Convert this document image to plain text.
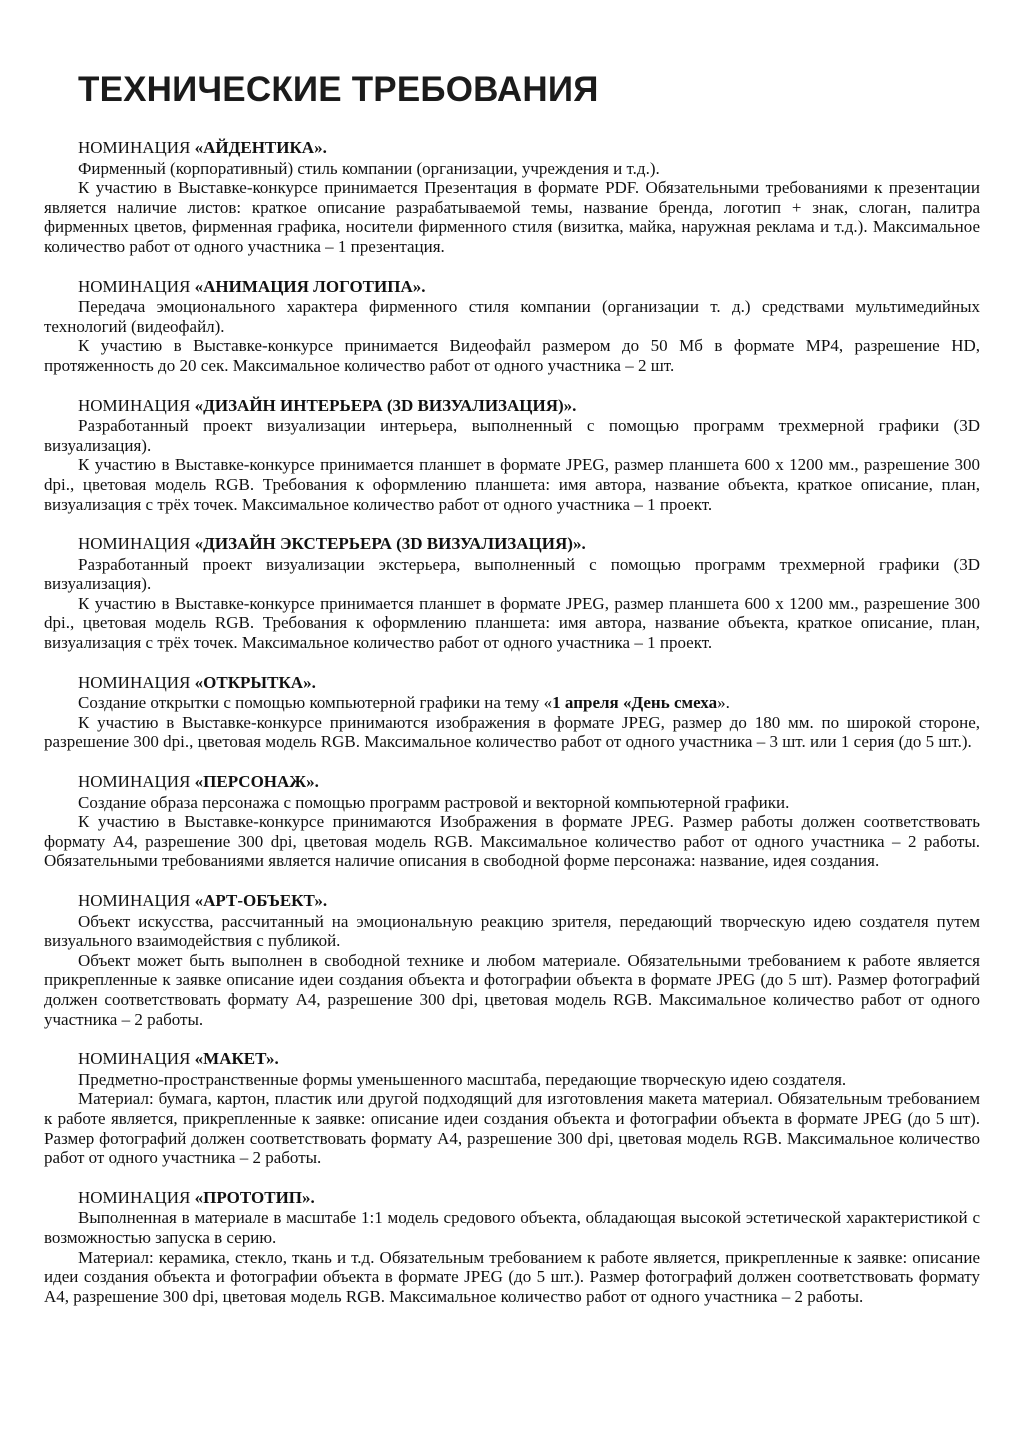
ТЕХНИЧЕСКИЕ ТРЕБОВАНИЯ

НОМИНАЦИЯ «АЙДЕНТИКА».

Фирменный (корпоративный) стиль компании (организации, учреждения и т.д.).

К участию в Выставке-конкурсе принимается Презентация в формате PDF. Обязательными требованиями к презентации является наличие листов: краткое описание разрабатываемой темы, название бренда, логотип + знак, слоган, палитра фирменных цветов, фирменная графика, носители фирменного стиля (визитка, майка, наружная реклама и т.д.). Максимальное количество работ от одного участника – 1 презентация.

НОМИНАЦИЯ «АНИМАЦИЯ ЛОГОТИПА».

Передача эмоционального характера фирменного стиля компании (организации т. д.) средствами мультимедийных технологий (видеофайл).

К участию в Выставке-конкурсе принимается Видеофайл размером до 50 Мб в формате MP4, разрешение HD, протяженность до 20 сек. Максимальное количество работ от одного участника – 2 шт.

НОМИНАЦИЯ «ДИЗАЙН ИНТЕРЬЕРА (3D ВИЗУАЛИЗАЦИЯ)».

Разработанный проект визуализации интерьера, выполненный с помощью программ трехмерной графики (3D визуализация).

К участию в Выставке-конкурсе принимается планшет в формате JPEG, размер планшета 600 х 1200 мм., разрешение 300 dpi., цветовая модель RGB. Требования к оформлению планшета: имя автора, название объекта, краткое описание, план, визуализация с трёх точек. Максимальное количество работ от одного участника – 1 проект.

НОМИНАЦИЯ «ДИЗАЙН ЭКСТЕРЬЕРА (3D ВИЗУАЛИЗАЦИЯ)».

Разработанный проект визуализации экстерьера, выполненный с помощью программ трехмерной графики (3D визуализация).

К участию в Выставке-конкурсе принимается планшет в формате JPEG, размер планшета 600 х 1200 мм., разрешение 300 dpi., цветовая модель RGB. Требования к оформлению планшета: имя автора, название объекта, краткое описание, план, визуализация с трёх точек. Максимальное количество работ от одного участника – 1 проект.

НОМИНАЦИЯ «ОТКРЫТКА».

Создание открытки с помощью компьютерной графики на тему «1 апреля «День смеха».

К участию в Выставке-конкурсе принимаются изображения в формате JPEG, размер до 180 мм. по широкой стороне, разрешение 300 dpi., цветовая модель RGB. Максимальное количество работ от одного участника – 3 шт. или 1 серия (до 5 шт.).

НОМИНАЦИЯ «ПЕРСОНАЖ».

Создание образа персонажа с помощью программ растровой и векторной компьютерной графики.

К участию в Выставке-конкурсе принимаются Изображения в формате JPEG. Размер работы должен соответствовать формату А4, разрешение 300 dpi, цветовая модель RGB. Максимальное количество работ от одного участника – 2 работы. Обязательными требованиями является наличие описания в свободной форме персонажа: название, идея создания.

НОМИНАЦИЯ «АРТ-ОБЪЕКТ».

Объект искусства, рассчитанный на эмоциональную реакцию зрителя, передающий творческую идею создателя путем визуального взаимодействия с публикой.

Объект может быть выполнен в свободной технике и любом материале. Обязательными требованием к работе является прикрепленные к заявке описание идеи создания объекта и фотографии объекта в формате JPEG (до 5 шт). Размер фотографий должен соответствовать формату А4, разрешение 300 dpi, цветовая модель RGB. Максимальное количество работ от одного участника – 2 работы.

НОМИНАЦИЯ «МАКЕТ».

Предметно-пространственные формы уменьшенного масштаба, передающие творческую идею создателя.

Материал: бумага, картон, пластик или другой подходящий для изготовления макета материал. Обязательным требованием к работе является, прикрепленные к заявке: описание идеи создания объекта и фотографии объекта в формате JPEG (до 5 шт). Размер фотографий должен соответствовать формату А4, разрешение 300 dpi, цветовая модель RGB. Максимальное количество работ от одного участника – 2 работы.

НОМИНАЦИЯ «ПРОТОТИП».

Выполненная в материале в масштабе 1:1 модель средового объекта, обладающая высокой эстетической характеристикой с возможностью запуска в серию.

Материал: керамика, стекло, ткань и т.д. Обязательным требованием к работе является, прикрепленные к заявке: описание идеи создания объекта и фотографии объекта в формате JPEG (до 5 шт.). Размер фотографий должен соответствовать формату А4, разрешение 300 dpi, цветовая модель RGB. Максимальное количество работ от одного участника – 2 работы.
